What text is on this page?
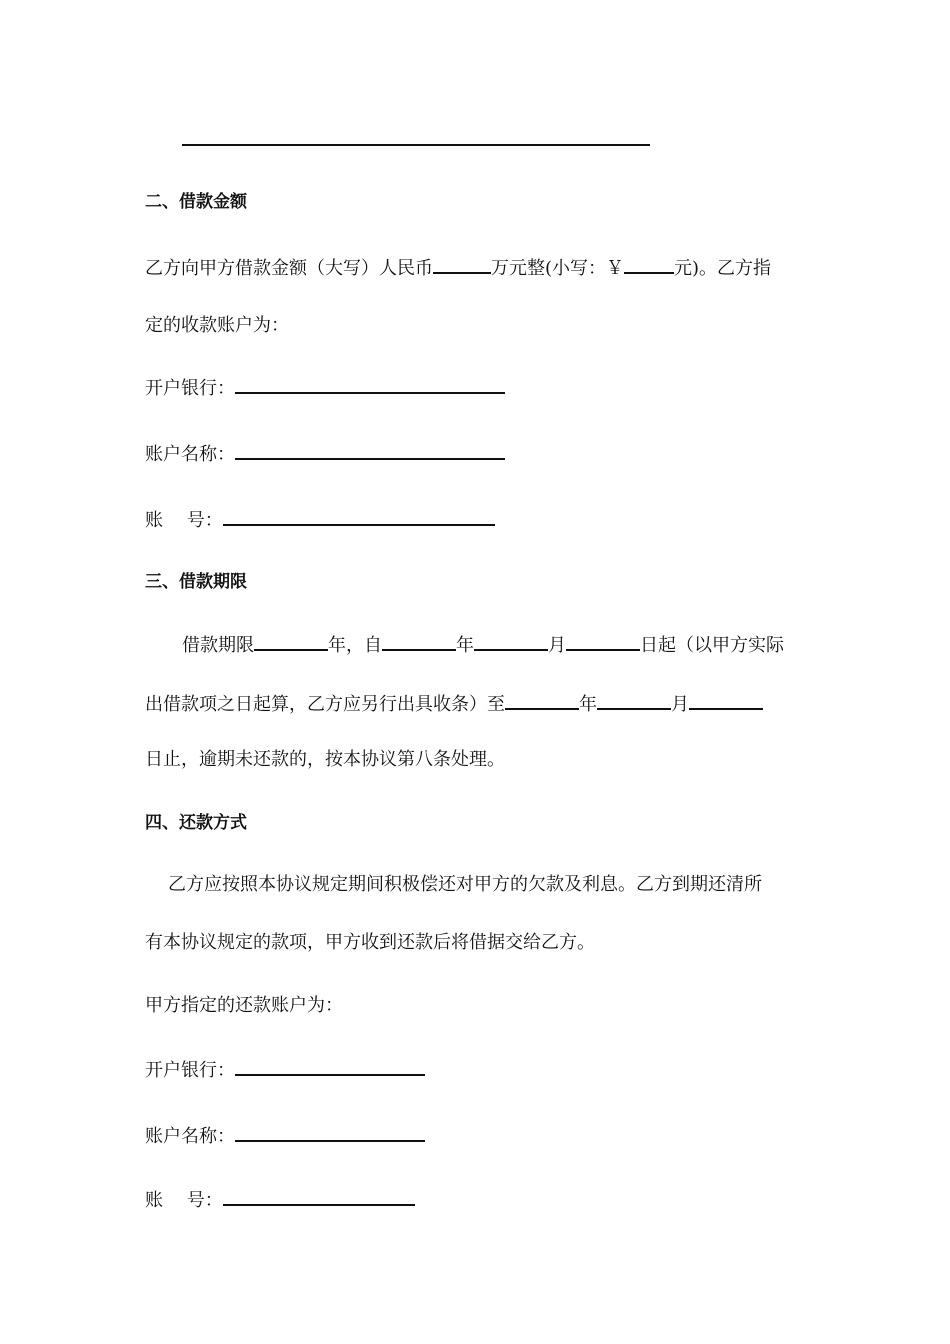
二、借款金额
乙方向甲方借款金额（大写）人民币	万元整(小写：￥	元)。乙方指
定的收款账户为：
开户银行：
账户名称：
账　 号：
三、借款期限
借款期限	年，自	年	月	日起（以甲方实际
出借款项之日起算，乙方应另行出具收条）至	年	月
日止，逾期未还款的，按本协议第八条处理。
四、还款方式
乙方应按照本协议规定期间积极偿还对甲方的欠款及利息。乙方到期还清所
有本协议规定的款项，甲方收到还款后将借据交给乙方。
甲方指定的还款账户为：
开户银行：
账户名称：
账　 号：
